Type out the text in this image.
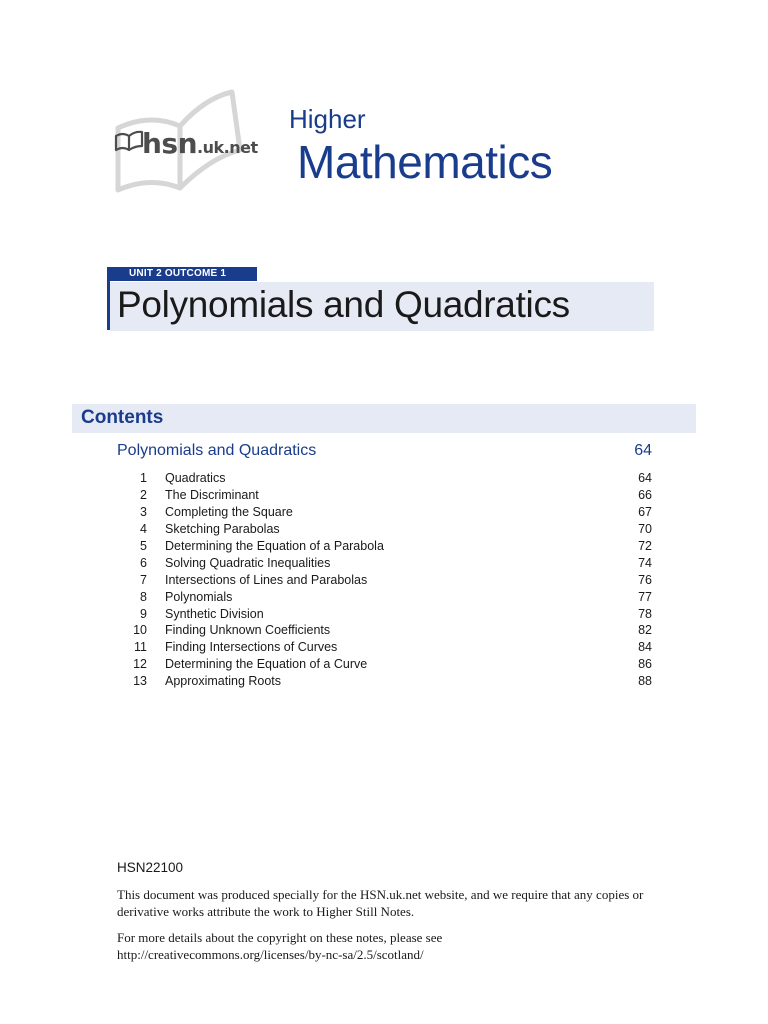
hsn.uk.net
Higher
Mathematics
UNIT 2 OUTCOME 1
Polynomials and Quadratics
Contents
Polynomials and Quadratics	64
1	Quadratics	64
2	The Discriminant	66
3	Completing the Square	67
4	Sketching Parabolas	70
5	Determining the Equation of a Parabola	72
6	Solving Quadratic Inequalities	74
7	Intersections of Lines and Parabolas	76
8	Polynomials	77
9	Synthetic Division	78
10	Finding Unknown Coefficients	82
11	Finding Intersections of Curves	84
12	Determining the Equation of a Curve	86
13	Approximating Roots	88
HSN22100
This document was produced specially for the HSN.uk.net website, and we require that any copies or derivative works attribute the work to Higher Still Notes.
For more details about the copyright on these notes, please see
http://creativecommons.org/licenses/by-nc-sa/2.5/scotland/
